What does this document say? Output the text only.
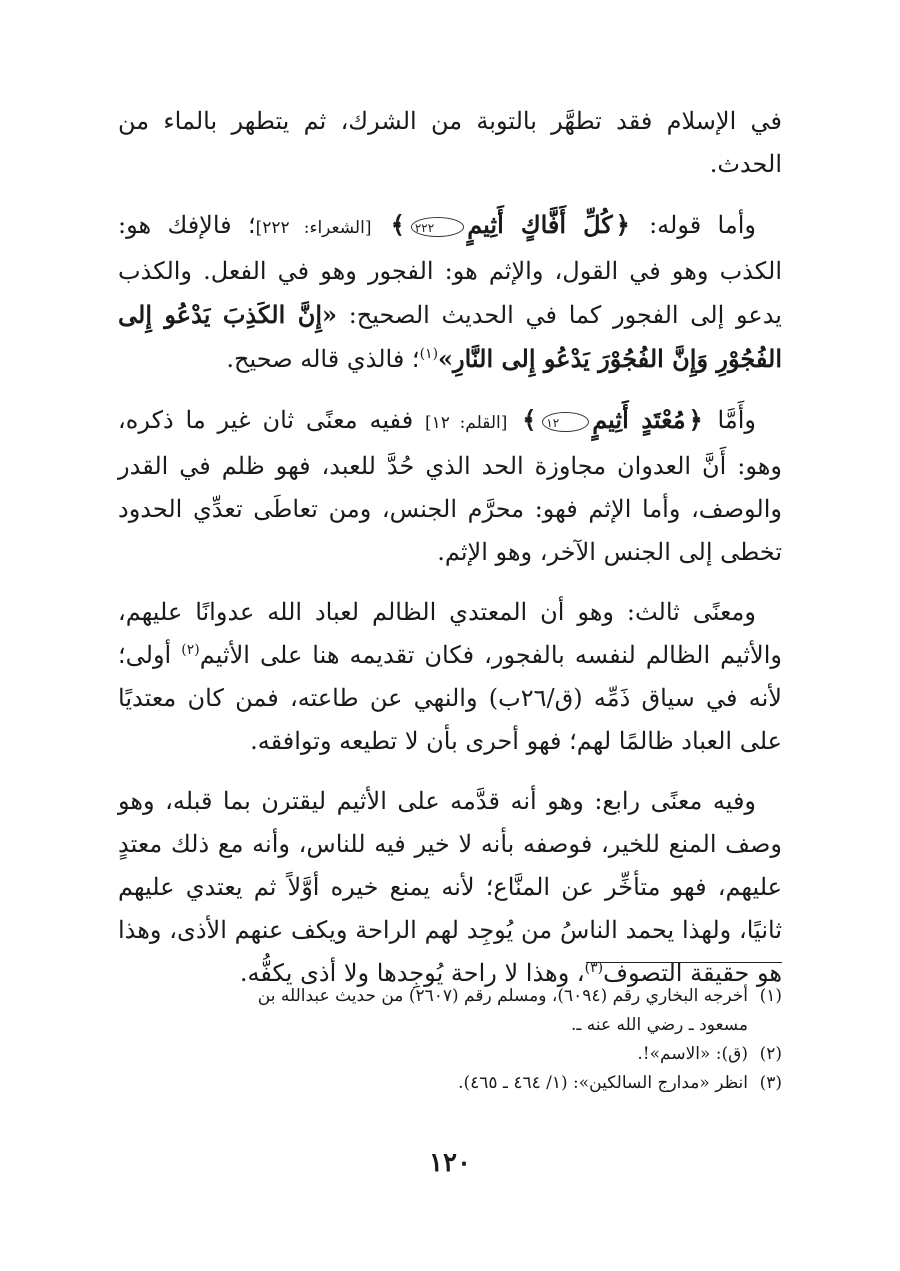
في الإسلام فقد تطهَّر بالتوبة من الشرك، ثم يتطهر بالماء من الحدث.

وأما قوله: ﴿كُلِّ أَفَّاكٍ أَثِيمٍ٢٢٢﴾ [الشعراء: ٢٢٢]؛ فالإفك هو: الكذب وهو في القول، والإثم هو: الفجور وهو في الفعل. والكذب يدعو إلى الفجور كما في الحديث الصحيح: «إِنَّ الكَذِبَ يَدْعُو إِلى الفُجُوْرِ وَإِنَّ الفُجُوْرَ يَدْعُو إِلى النَّارِ»$^{(١)}$؛ فالذي قاله صحيح.

وأَمَّا ﴿مُعْتَدٍ أَثِيمٍ١٢﴾ [القلم: ١٢] ففيه معنًى ثان غير ما ذكره، وهو: أَنَّ العدوان مجاوزة الحد الذي حُدَّ للعبد، فهو ظلم في القدر والوصف، وأما الإثم فهو: محرَّم الجنس، ومن تعاطَى تعدِّي الحدود تخطى إلى الجنس الآخر، وهو الإثم.

ومعنًى ثالث: وهو أن المعتدي الظالم لعباد الله عدوانًا عليهم، والأثيم الظالم لنفسه بالفجور، فكان تقديمه هنا على الأثيم$^{(٢)}$ أولى؛ لأنه في سياق ذَمِّه (ق/٢٦ب) والنهي عن طاعته، فمن كان معتديًا على العباد ظالمًا لهم؛ فهو أحرى بأن لا تطيعه وتوافقه.

وفيه معنًى رابع: وهو أنه قدَّمه على الأثيم ليقترن بما قبله، وهو وصف المنع للخير، فوصفه بأنه لا خير فيه للناس، وأنه مع ذلك معتدٍ عليهم، فهو متأخِّر عن المنَّاع؛ لأنه يمنع خيره أوَّلاً ثم يعتدي عليهم ثانيًا، ولهذا يحمد الناسُ من يُوجِد لهم الراحة ويكف عنهم الأذى، وهذا هو حقيقة التصوف$^{(٣)}$، وهذا لا راحة يُوجِدها ولا أذى يكفُّه.

(١)أخرجه البخاري رقم (٦٠٩٤)، ومسلم رقم (٢٦٠٧) من حديث عبدالله بن

مسعود ـ رضي الله عنه ـ.

(٢)(ق): «الاسم»!.

(٣)انظر «مدارج السالكين»: (١/ ٤٦٤ ـ ٤٦٥).

١٢٠
